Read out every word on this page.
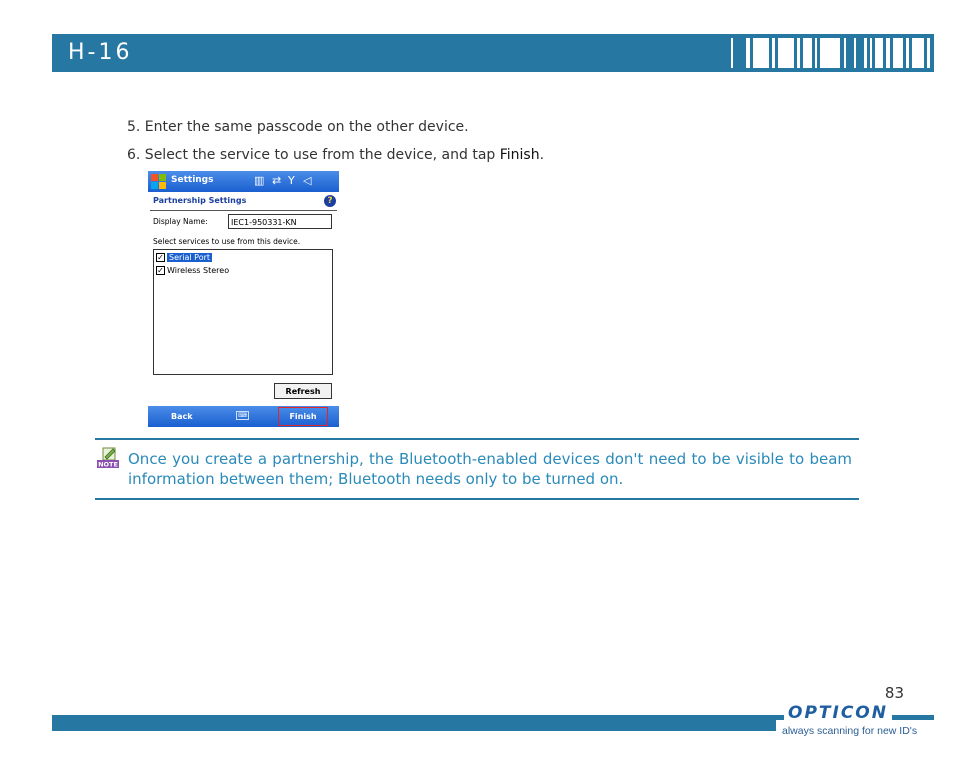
H-16
5. Enter the same passcode on the other device.
6. Select the service to use from the device, and tap Finish.
Settings	▥ ⇄ Y ◁
Partnership Settings	?
Display Name:	IEC1-950331-KN
Select services to use from this device.
✓ Serial Port
✓ Wireless Stereo
Refresh
Back	⌨	Finish
NOTE Once you create a partnership, the Bluetooth-enabled devices don't need to be visible to beam information between them; Bluetooth needs only to be turned on.
83
OPTICON
always scanning for new ID's
